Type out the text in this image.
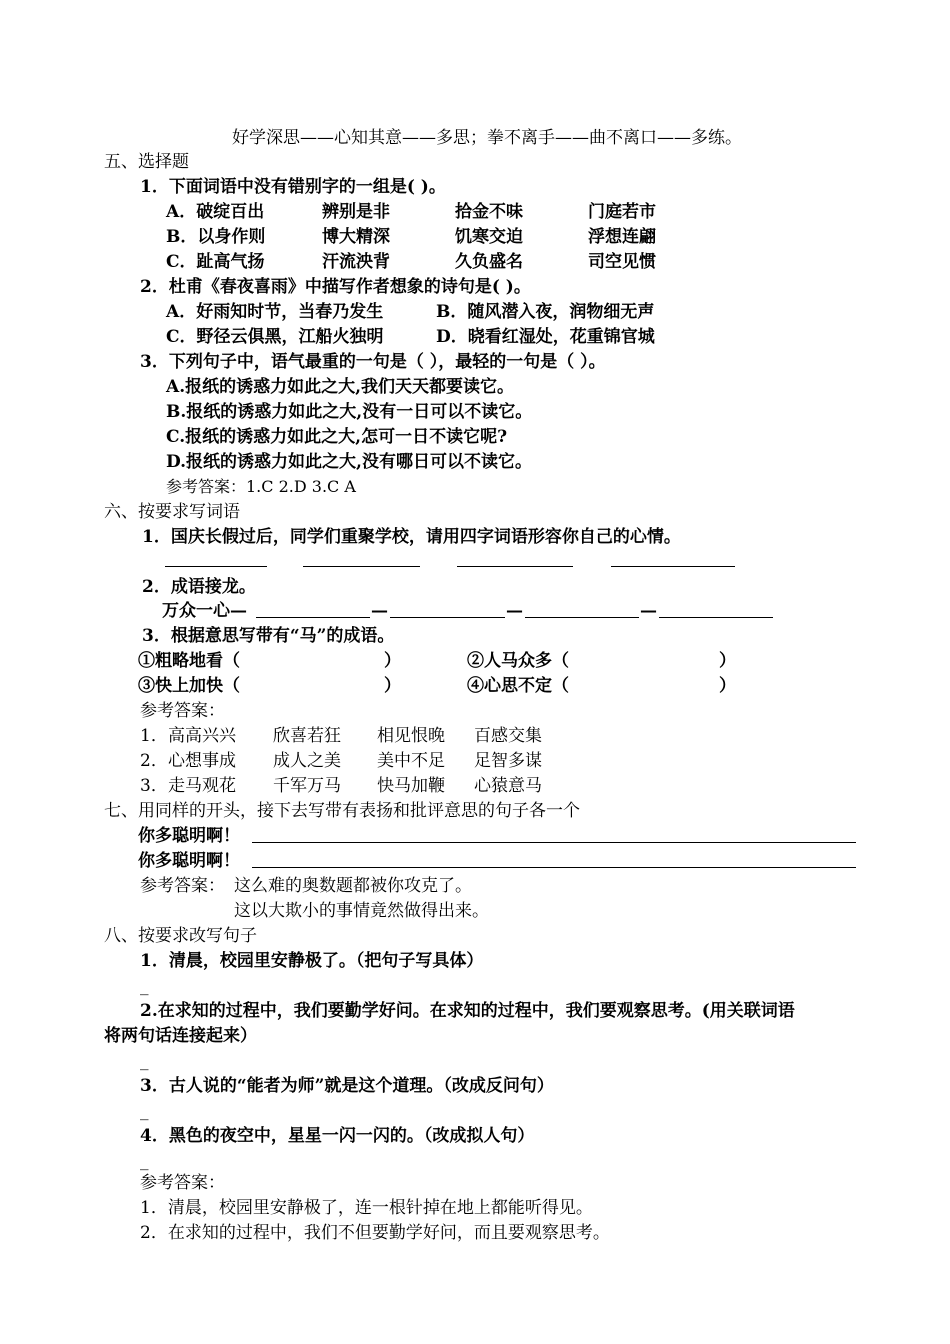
好学深思——心知其意——多思；拳不离手——曲不离口——多练。
五、选择题
1．下面词语中没有错别字的一组是( )。
A．破绽百出	辨别是非	拾金不味	门庭若市
B．以身作则	博大精深	饥寒交迫	浮想连翩
C．趾高气扬	汗流泱背	久负盛名	司空见惯
2．杜甫《春夜喜雨》中描写作者想象的诗句是( )。
A．好雨知时节，当春乃发生	B．随风潜入夜，润物细无声
C．野径云俱黑，江船火独明	D．晓看红湿处，花重锦官城
3．下列句子中，语气最重的一句是（ ），最轻的一句是（ ）。
A.报纸的诱惑力如此之大,我们天天都要读它。
B.报纸的诱惑力如此之大,没有一日可以不读它。
C.报纸的诱惑力如此之大,怎可一日不读它呢?
D.报纸的诱惑力如此之大,没有哪日可以不读它。
参考答案：1.C 2.D 3.C A
六、按要求写词语
1．国庆长假过后，同学们重聚学校，请用四字词语形容你自己的心情。
2．成语接龙。
万众一心—	—	—	—
3．根据意思写带有“马”的成语。
①粗略地看（	）	②人马众多（	）
③快上加快（	）	④心思不定（	）
参考答案：
1． 高高兴兴 欣喜若狂 相见恨晚 百感交集
2． 心想事成 成人之美 美中不足 足智多谋
3． 走马观花 千军万马 快马加鞭 心猿意马
七、用同样的开头，接下去写带有表扬和批评意思的句子各一个
你多聪明啊！
你多聪明啊！
参考答案： 这么难的奥数题都被你攻克了。
这以大欺小的事情竟然做得出来。
八、按要求改写句子
1．清晨，校园里安静极了。（把句子写具体）
_
2.在求知的过程中，我们要勤学好问。在求知的过程中，我们要观察思考。(用关联词语
将两句话连接起来）
_
3．古人说的“能者为师”就是这个道理。（改成反问句）
_
4．黑色的夜空中，星星一闪一闪的。（改成拟人句）
_
参考答案：
1．清晨，校园里安静极了，连一根针掉在地上都能听得见。
2．在求知的过程中，我们不但要勤学好问，而且要观察思考。
